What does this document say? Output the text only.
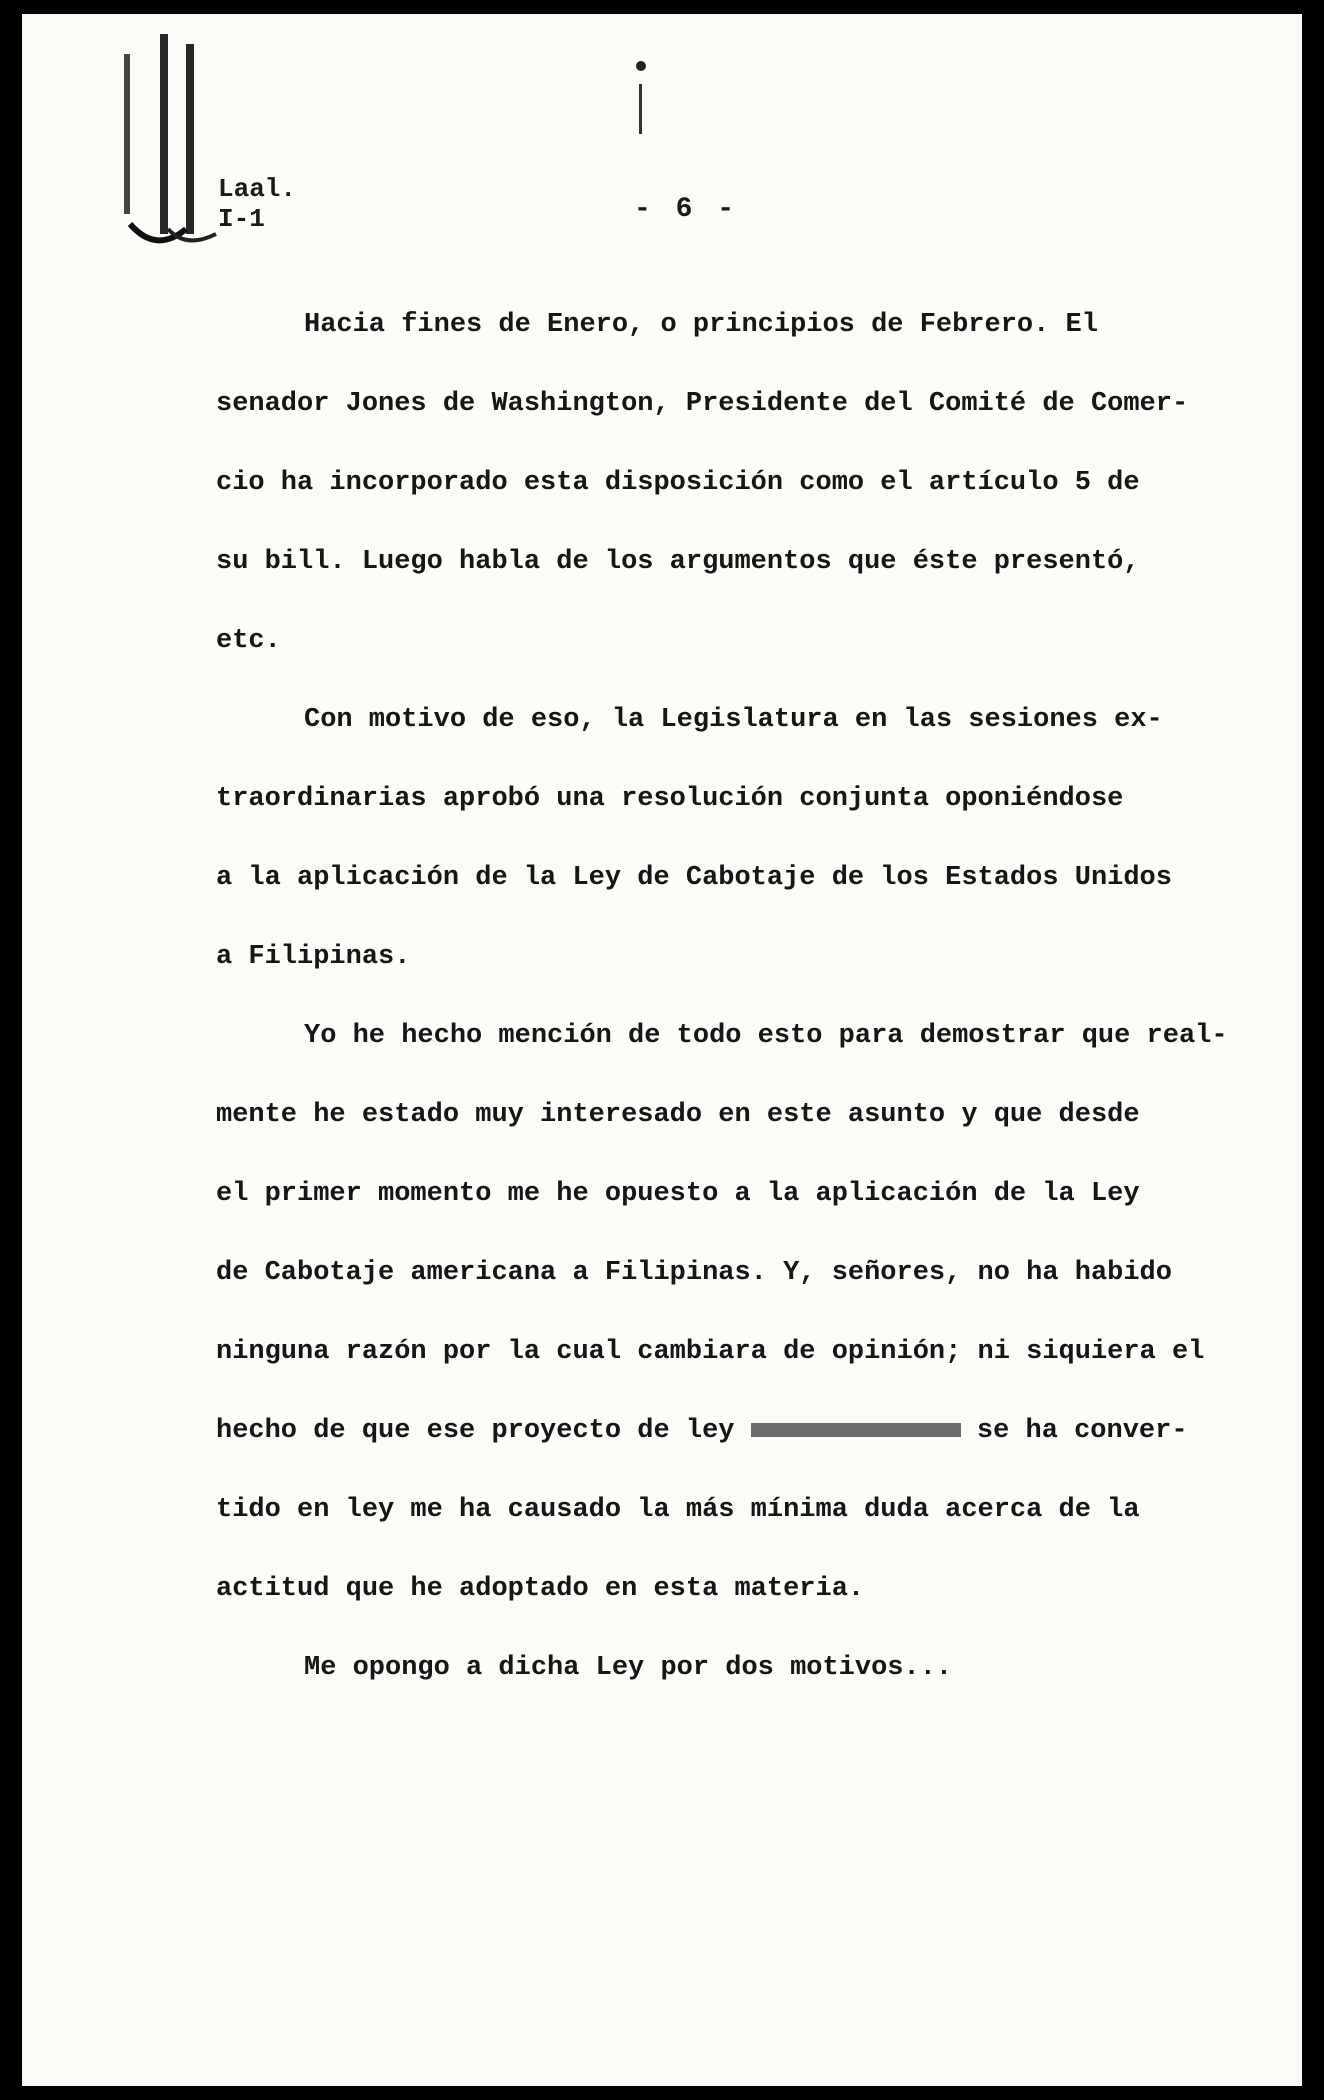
Laal.
I-1	- 6 -
Hacia fines de Enero, o principios de Febrero. El
senador Jones de Washington, Presidente del Comité de Comer-
cio ha incorporado esta disposición como el artículo 5 de
su bill. Luego habla de los argumentos que éste presentó,
etc.
Con motivo de eso, la Legislatura en las sesiones ex-
traordinarias aprobó una resolución conjunta oponiéndose
a la aplicación de la Ley de Cabotaje de los Estados Unidos
a Filipinas.
Yo he hecho mención de todo esto para demostrar que real-
mente he estado muy interesado en este asunto y que desde
el primer momento me he opuesto a la aplicación de la Ley
de Cabotaje americana a Filipinas. Y, señores, no ha habido
ninguna razón por la cual cambiara de opinión; ni siquiera el
hecho de que ese proyecto de ley	se ha conver-
tido en ley me ha causado la más mínima duda acerca de la
actitud que he adoptado en esta materia.
Me opongo a dicha Ley por dos motivos...
